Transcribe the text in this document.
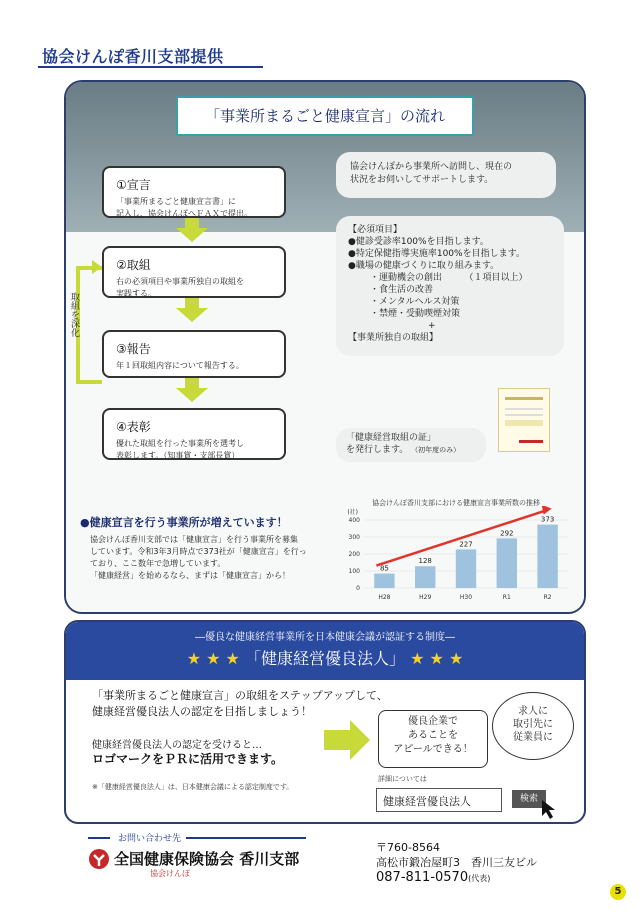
協会けんぽ香川支部提供
「事業所まるごと健康宣言」の流れ
取組を深化
①宣言
「事業所まるごと健康宣言書」に
記入し、協会けんぽへＦＡＸで提出。
②取組
右の必須項目や事業所独自の取組を
実践する。
③報告
年１回取組内容について報告する。
④表彰
優れた取組を行った事業所を選考し
表彰します。（知事賞・支部長賞）
協会けんぽから事業所へ訪問し、現在の
状況をお伺いしてサポートします。
【必須項目】
●健診受診率100%を目指します。
●特定保健指導実施率100%を目指します。
●職場の健康づくりに取り組みます。
・運動機会の創出　　　（１項目以上）
・食生活の改善
・メンタルヘルス対策
・禁煙・受動喫煙対策
+
【事業所独自の取組】
「健康経営取組の証」
を発行します。 （初年度のみ）
●健康宣言を行う事業所が増えています！
協会けんぽ香川支部では「健康宣言」を行う事業所を募集
しています。令和3年3月時点で373社が「健康宣言」を行っ
ており、ここ数年で急増しています。
「健康経営」を始めるなら、まずは「健康宣言」から！
協会けんぽ香川支部における健康宣言事業所数の推移
(社)
0
100
200
300
400
85
H28
128
H29
227
H30
292
R1
373
R2
―優良な健康経営事業所を日本健康会議が認証する制度―
★ ★ ★ 「健康経営優良法人」 ★ ★ ★
「事業所まるごと健康宣言」の取組をステップアップして、
健康経営優良法人の認定を目指しましょう！
健康経営優良法人の認定を受けると…
ロゴマークをＰＲに活用できます。
※「健康経営優良法人」は、日本健康会議による認定制度です。
優良企業で
あることを
アピールできる！
求人に
取引先に
従業員に
詳細については
健康経営優良法人	検索
お問い合わせ先
全国健康保険協会 香川支部
協会けんぽ
〒760-8564
高松市鍛冶屋町3　香川三友ビル
087-811-0570(代表)
5
